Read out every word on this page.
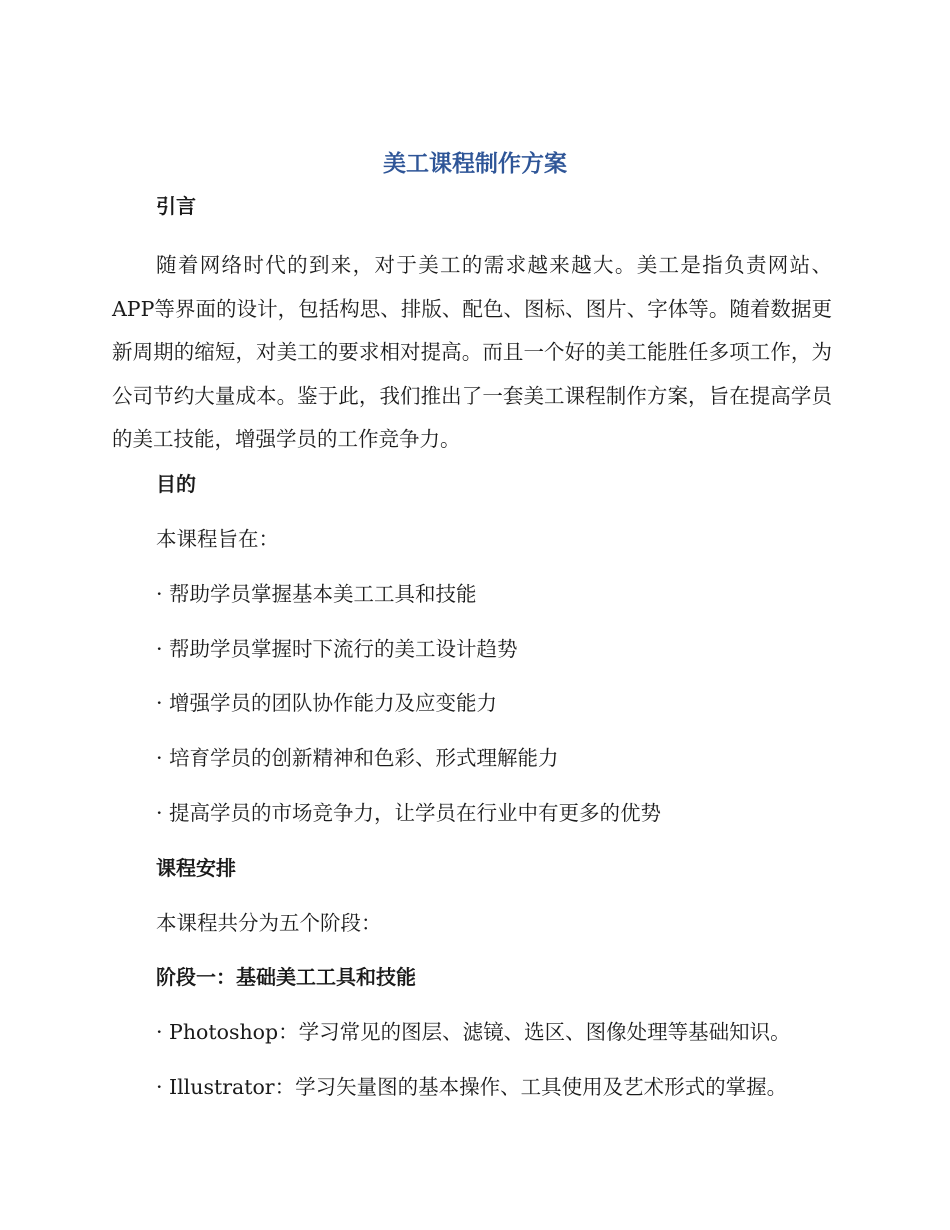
美工课程制作方案

引言

随着网络时代的到来，对于美工的需求越来越大。美工是指负责网站、APP等界面的设计，包括构思、排版、配色、图标、图片、字体等。随着数据更新周期的缩短，对美工的要求相对提高。而且一个好的美工能胜任多项工作，为公司节约大量成本。鉴于此，我们推出了一套美工课程制作方案，旨在提高学员的美工技能，增强学员的工作竞争力。

目的

本课程旨在：

· 帮助学员掌握基本美工工具和技能

· 帮助学员掌握时下流行的美工设计趋势

· 增强学员的团队协作能力及应变能力

· 培育学员的创新精神和色彩、形式理解能力

· 提高学员的市场竞争力，让学员在行业中有更多的优势

课程安排

本课程共分为五个阶段：

阶段一：基础美工工具和技能

· Photoshop：学习常见的图层、滤镜、选区、图像处理等基础知识。

· Illustrator：学习矢量图的基本操作、工具使用及艺术形式的掌握。
